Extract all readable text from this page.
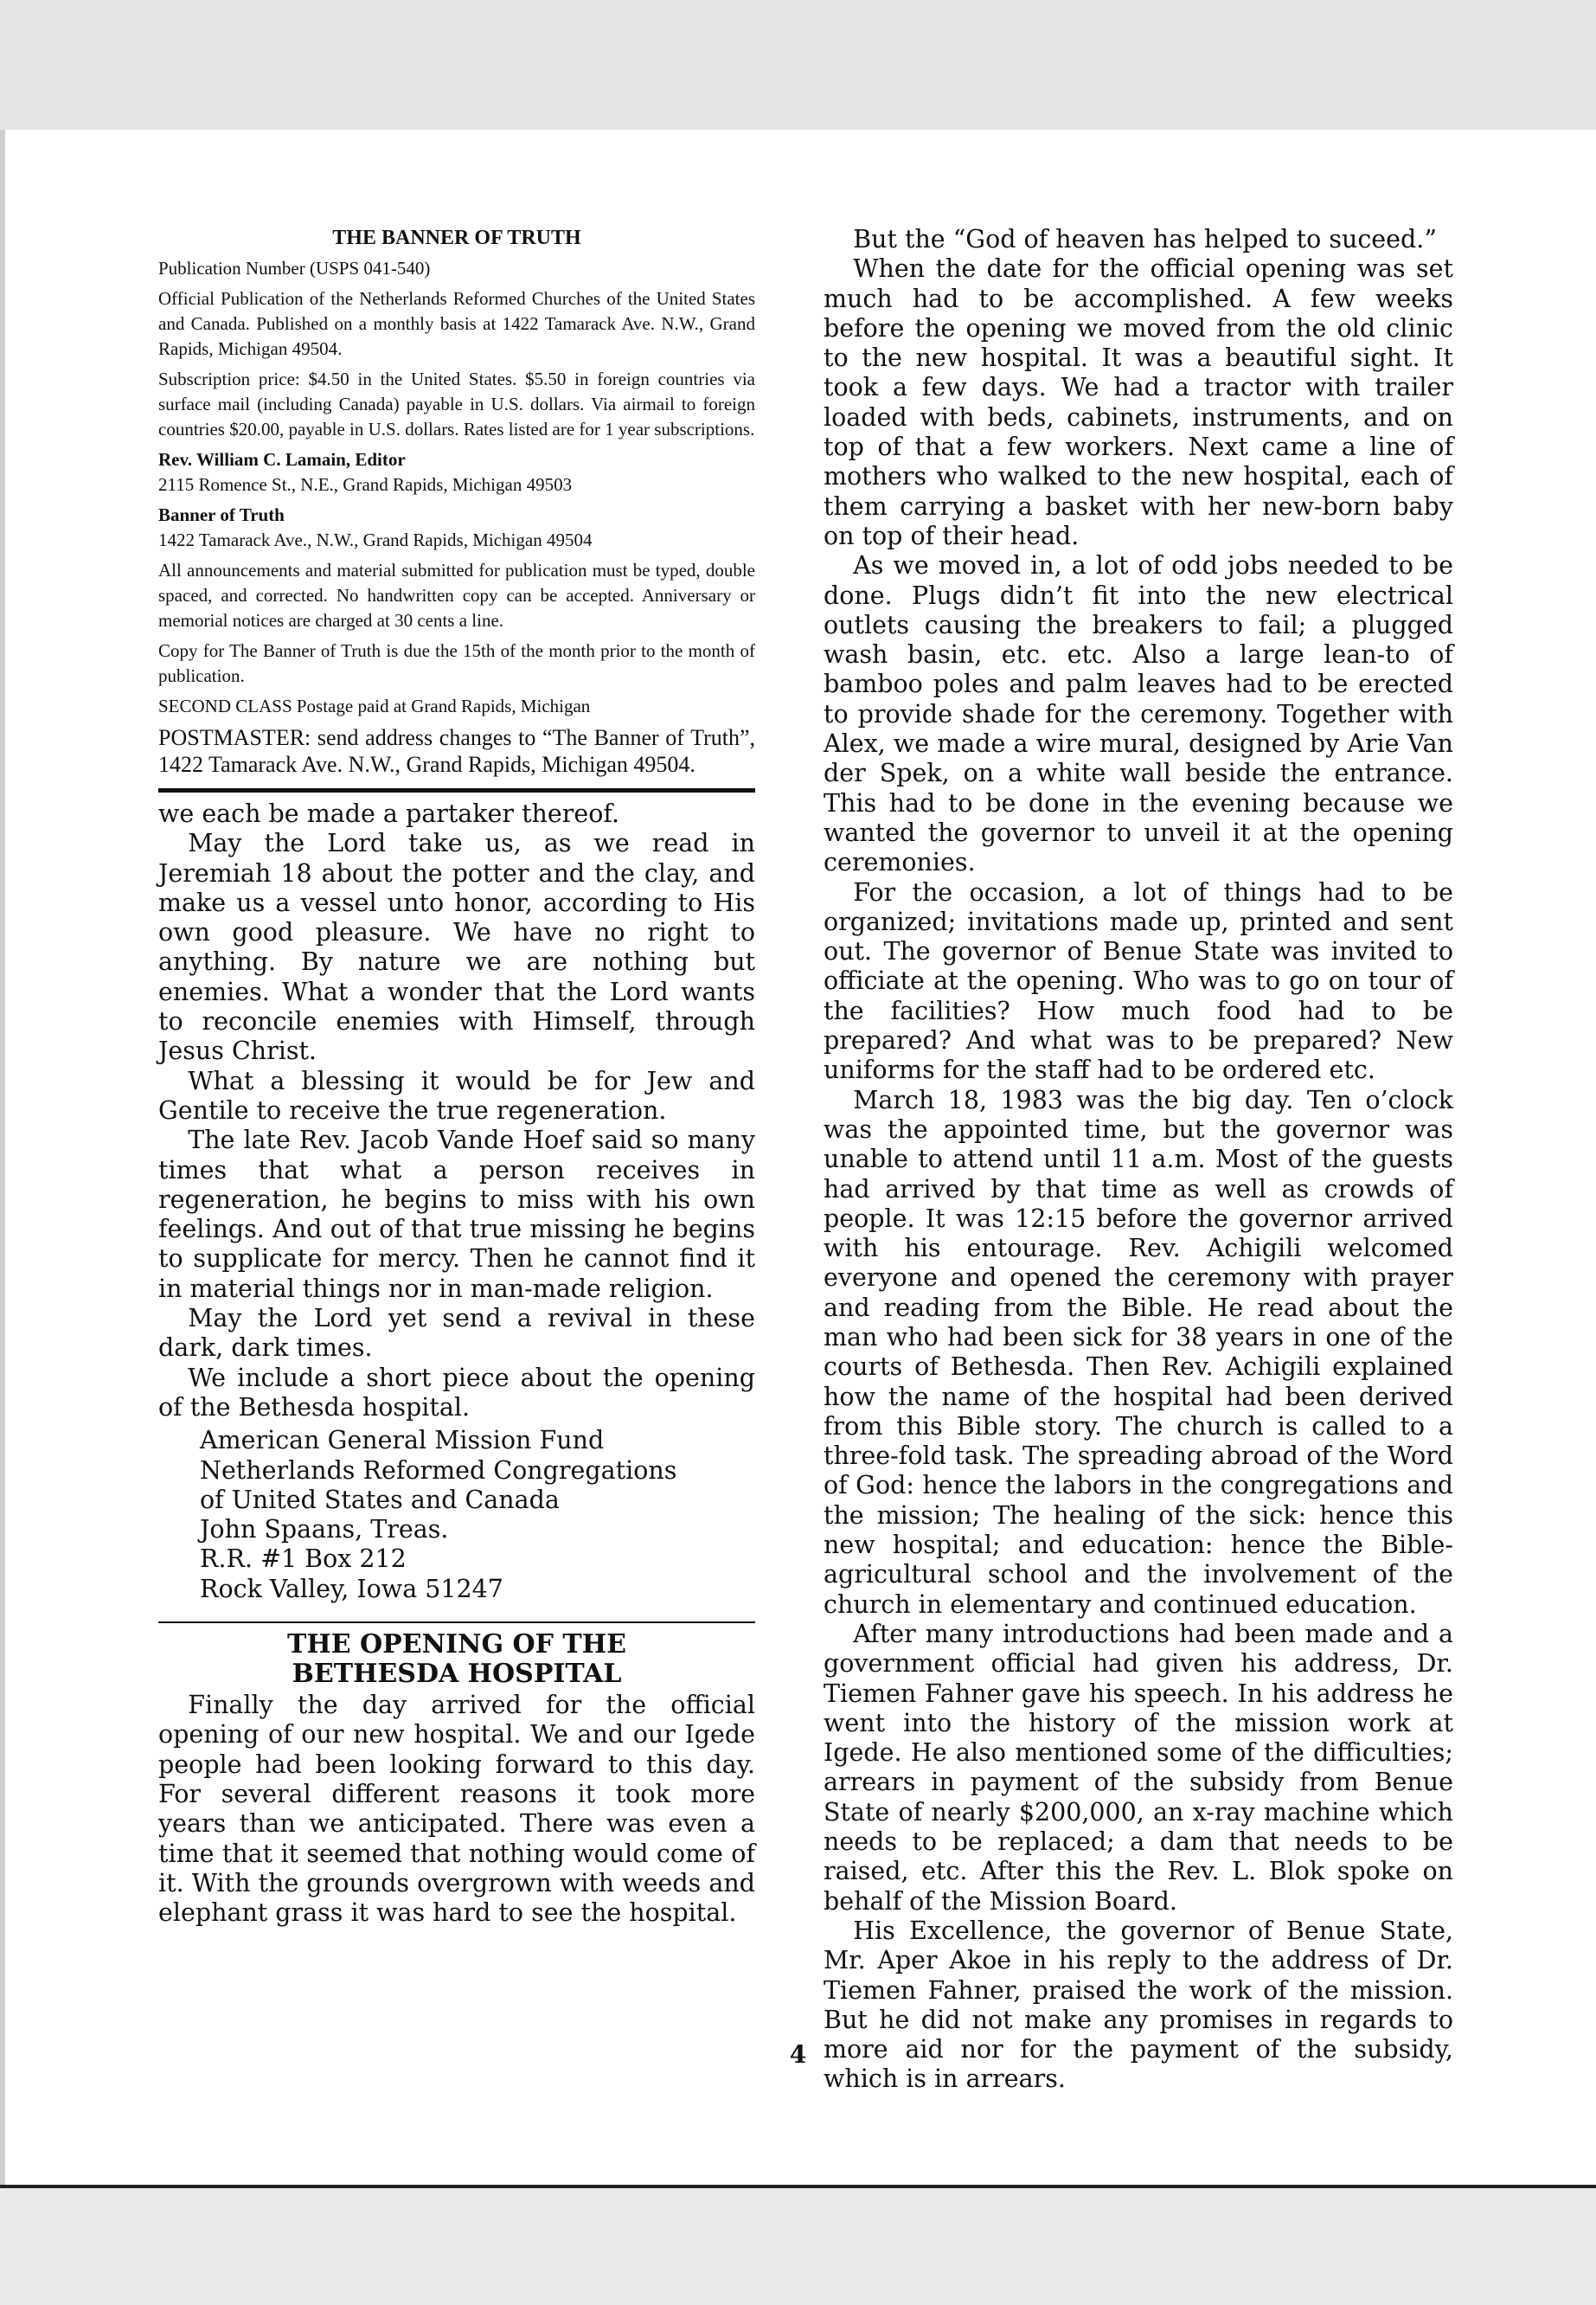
THE BANNER OF TRUTH

Publication Number (USPS 041-540)

Official Publication of the Netherlands Reformed Churches of the United States and Canada. Published on a monthly basis at 1422 Tamarack Ave. N.W., Grand Rapids, Michigan 49504.

Subscription price: $4.50 in the United States. $5.50 in foreign countries via surface mail (including Canada) payable in U.S. dollars. Via airmail to foreign countries $20.00, payable in U.S. dollars. Rates listed are for 1 year subscriptions.

Rev. William C. Lamain, Editor

2115 Romence St., N.E., Grand Rapids, Michigan 49503

Banner of Truth

1422 Tamarack Ave., N.W., Grand Rapids, Michigan 49504

All announcements and material submitted for publication must be typed, double spaced, and corrected. No handwritten copy can be accepted. Anniversary or memorial notices are charged at 30 cents a line.

Copy for The Banner of Truth is due the 15th of the month prior to the month of publication.

SECOND CLASS Postage paid at Grand Rapids, Michigan

POSTMASTER: send address changes to “The Banner of Truth”, 1422 Tamarack Ave. N.W., Grand Rapids, Michigan 49504.

we each be made a partaker thereof.

May the Lord take us, as we read in Jeremiah 18 about the potter and the clay, and make us a vessel unto honor, according to His own good pleasure. We have no right to anything. By nature we are nothing but enemies. What a wonder that the Lord wants to reconcile enemies with Himself, through Jesus Christ.

What a blessing it would be for Jew and Gentile to receive the true regeneration.

The late Rev. Jacob Vande Hoef said so many times that what a person receives in regeneration, he begins to miss with his own feelings. And out of that true missing he begins to supplicate for mercy. Then he cannot find it in material things nor in man-made religion.

May the Lord yet send a revival in these dark, dark times.

We include a short piece about the opening of the Bethesda hospital.

American General Mission Fund
Netherlands Reformed Congregations
of United States and Canada
John Spaans, Treas.
R.R. #1 Box 212
Rock Valley, Iowa 51247
THE OPENING OF THE
BETHESDA HOSPITAL

Finally the day arrived for the official opening of our new hospital. We and our Igede people had been looking forward to this day. For several different reasons it took more years than we anticipated. There was even a time that it seemed that nothing would come of it. With the grounds overgrown with weeds and elephant grass it was hard to see the hospital.

But the “God of heaven has helped to suceed.”

When the date for the official opening was set much had to be accomplished. A few weeks before the opening we moved from the old clinic to the new hospital. It was a beautiful sight. It took a few days. We had a tractor with trailer loaded with beds, cabinets, instruments, and on top of that a few workers. Next came a line of mothers who walked to the new hospital, each of them carrying a basket with her new-born baby on top of their head.

As we moved in, a lot of odd jobs needed to be done. Plugs didn’t fit into the new electrical outlets causing the breakers to fail; a plugged wash basin, etc. etc. Also a large lean-to of bamboo poles and palm leaves had to be erected to provide shade for the ceremony. Together with Alex, we made a wire mural, designed by Arie Van der Spek, on a white wall beside the entrance. This had to be done in the evening because we wanted the governor to unveil it at the opening ceremonies.

For the occasion, a lot of things had to be organized; invitations made up, printed and sent out. The governor of Benue State was invited to officiate at the opening. Who was to go on tour of the facilities? How much food had to be prepared? And what was to be prepared? New uniforms for the staff had to be ordered etc.

March 18, 1983 was the big day. Ten o’clock was the appointed time, but the governor was unable to attend until 11 a.m. Most of the guests had arrived by that time as well as crowds of people. It was 12:15 before the governor arrived with his entourage. Rev. Achigili welcomed everyone and opened the ceremony with prayer and reading from the Bible. He read about the man who had been sick for 38 years in one of the courts of Bethesda. Then Rev. Achigili explained how the name of the hospital had been derived from this Bible story. The church is called to a three-fold task. The spreading abroad of the Word of God: hence the labors in the congregations and the mission; The healing of the sick: hence this new hospital; and education: hence the Bible-agricultural school and the involvement of the church in elementary and continued education.

After many introductions had been made and a government official had given his address, Dr. Tiemen Fahner gave his speech. In his address he went into the history of the mission work at Igede. He also mentioned some of the difficulties; arrears in payment of the subsidy from Benue State of nearly $200,000, an x-ray machine which needs to be replaced; a dam that needs to be raised, etc. After this the Rev. L. Blok spoke on behalf of the Mission Board.

His Excellence, the governor of Benue State, Mr. Aper Akoe in his reply to the address of Dr. Tiemen Fahner, praised the work of the mission. But he did not make any promises in regards to more aid nor for the payment of the subsidy, which is in arrears.

4
